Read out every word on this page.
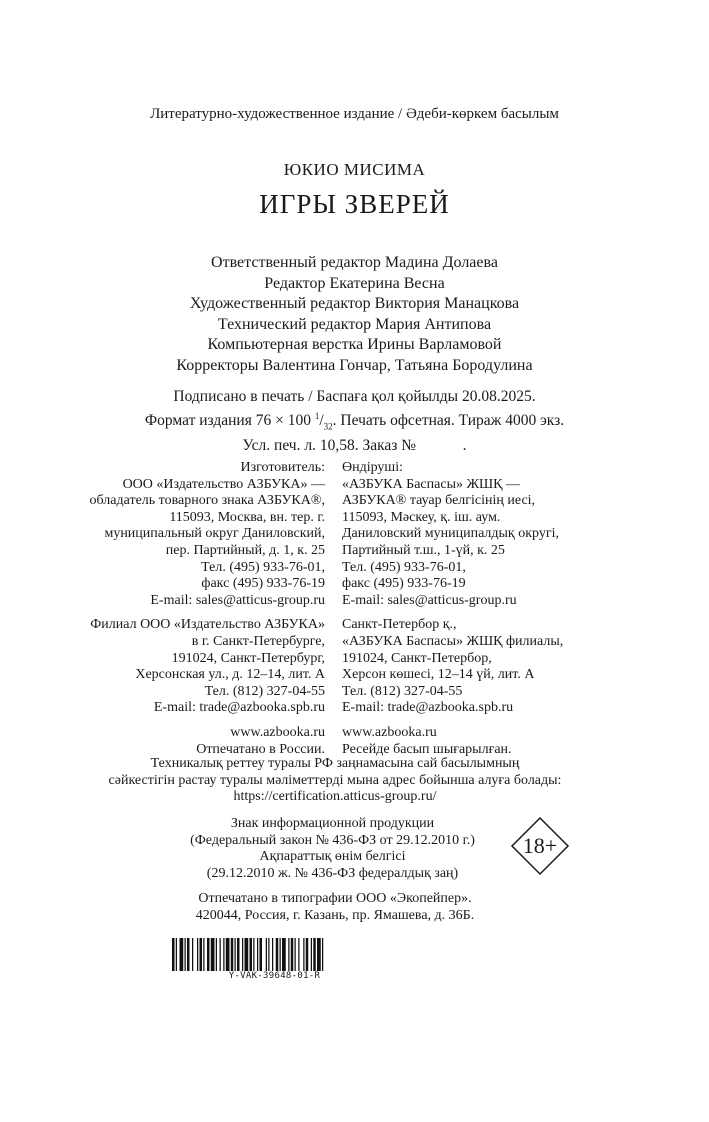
Литературно-художественное издание / Әдеби-көркем басылым
ЮКИО МИСИМА
ИГРЫ ЗВЕРЕЙ
Ответственный редактор Мадина Долаева
Редактор Екатерина Весна
Художественный редактор Виктория Манацкова
Технический редактор Мария Антипова
Компьютерная верстка Ирины Варламовой
Корректоры Валентина Гончар, Татьяна Бородулина
Подписано в печать / Баспаға қол қойылды 20.08.2025.
Формат издания 76 × 100 $^1/_{32}$. Печать офсетная. Тираж 4000 экз.
Усл. печ. л. 10,58. Заказ №            .
Изготовитель:
ООО «Издательство АЗБУКА» —
обладатель товарного знака АЗБУКА®,
115093, Москва, вн. тер. г.
муниципальный округ Даниловский,
пер. Партийный, д. 1, к. 25
Тел. (495) 933-76-01,
факс (495) 933-76-19
E-mail: sales@atticus-group.ru
Филиал ООО «Издательство АЗБУКА»
в г. Санкт-Петербурге,
191024, Санкт-Петербург,
Херсонская ул., д. 12–14, лит. А
Тел. (812) 327-04-55
E-mail: trade@azbooka.spb.ru
www.azbooka.ru
Отпечатано в России.
Өндіруші:
«АЗБУКА Баспасы» ЖШҚ —
АЗБУКА® тауар белгісінің иесі,
115093, Мәскеу, қ. іш. аум.
Даниловский муниципалдық округі,
Партийный т.ш., 1-үй, к. 25
Тел. (495) 933-76-01,
факс (495) 933-76-19
E-mail: sales@atticus-group.ru
Санкт-Петербор қ.,
«АЗБУКА Баспасы» ЖШҚ филиалы,
191024, Санкт-Петербор,
Херсон көшесі, 12–14 үй, лит. А
Тел. (812) 327-04-55
E-mail: trade@azbooka.spb.ru
www.azbooka.ru
Ресейде басып шығарылған.
Техникалық реттеу туралы РФ заңнамасына сай басылымның
сәйкестігін растау туралы мәліметтерді мына адрес бойынша алуға болады:
https://certification.atticus-group.ru/
Знак информационной продукции
(Федеральный закон № 436-ФЗ от 29.12.2010 г.)
Ақпараттық өнім белгісі
(29.12.2010 ж. № 436-ФЗ федералдық заң)
18+
Отпечатано в типографии ООО «Экопейпер».
420044, Россия, г. Казань, пр. Ямашева, д. 36Б.
Y-VAK-39648-01-R
